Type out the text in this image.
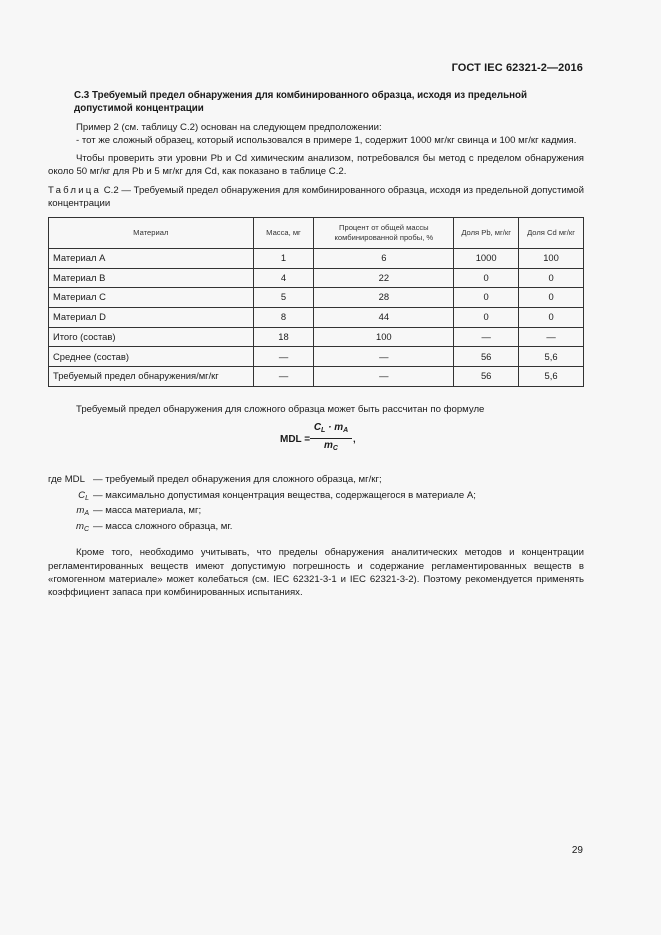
ГОСТ IEC 62321-2—2016
С.3 Требуемый предел обнаружения для комбинированного образца, исходя из предельной
допустимой концентрации

Пример 2 (см. таблицу С.2) основан на следующем предположении:

- тот же сложный образец, который использовался в примере 1, содержит 1000 мг/кг свинца и 100 мг/кг кадмия.

Чтобы проверить эти уровни Pb и Cd химическим анализом, потребовался бы метод с пределом обнаружения около 50 мг/кг для Pb и 5 мг/кг для Cd, как показано в таблице С.2.

Таблица С.2 — Требуемый предел обнаружения для комбинированного образца, исходя из предельной допустимой концентрации

Материал	Масса, мг	Процент от общей массы комбинированной пробы, %	Доля Pb, мг/кг	Доля Cd мг/кг
Материал А	1	6	1000	100
Материал В	4	22	0	0
Материал С	5	28	0	0
Материал D	8	44	0	0
Итого (состав)	18	100	—	—
Среднее (состав)	—	—	56	5,6
Требуемый предел обнаружения/мг/кг	—	—	56	5,6

Требуемый предел обнаружения для сложного образца может быть рассчитан по формуле

MDL = $\frac{C_L \cdot m_A}{m_C}$ ,
где MDL — требуемый предел обнаружения для сложного образца, мг/кг;
$C_L$ — максимально допустимая концентрация вещества, содержащегося в материале А;
$m_A$ — масса материала, мг;
$m_C$ — масса сложного образца, мг.

Кроме того, необходимо учитывать, что пределы обнаружения аналитических методов и концентрации регламентированных веществ имеют допустимую погрешность и содержание регламентированных веществ в «гомогенном материале» может колебаться (см. IEC 62321-3-1 и IEC 62321-3-2). Поэтому рекомендуется применять коэффициент запаса при комбинированных испытаниях.

29
